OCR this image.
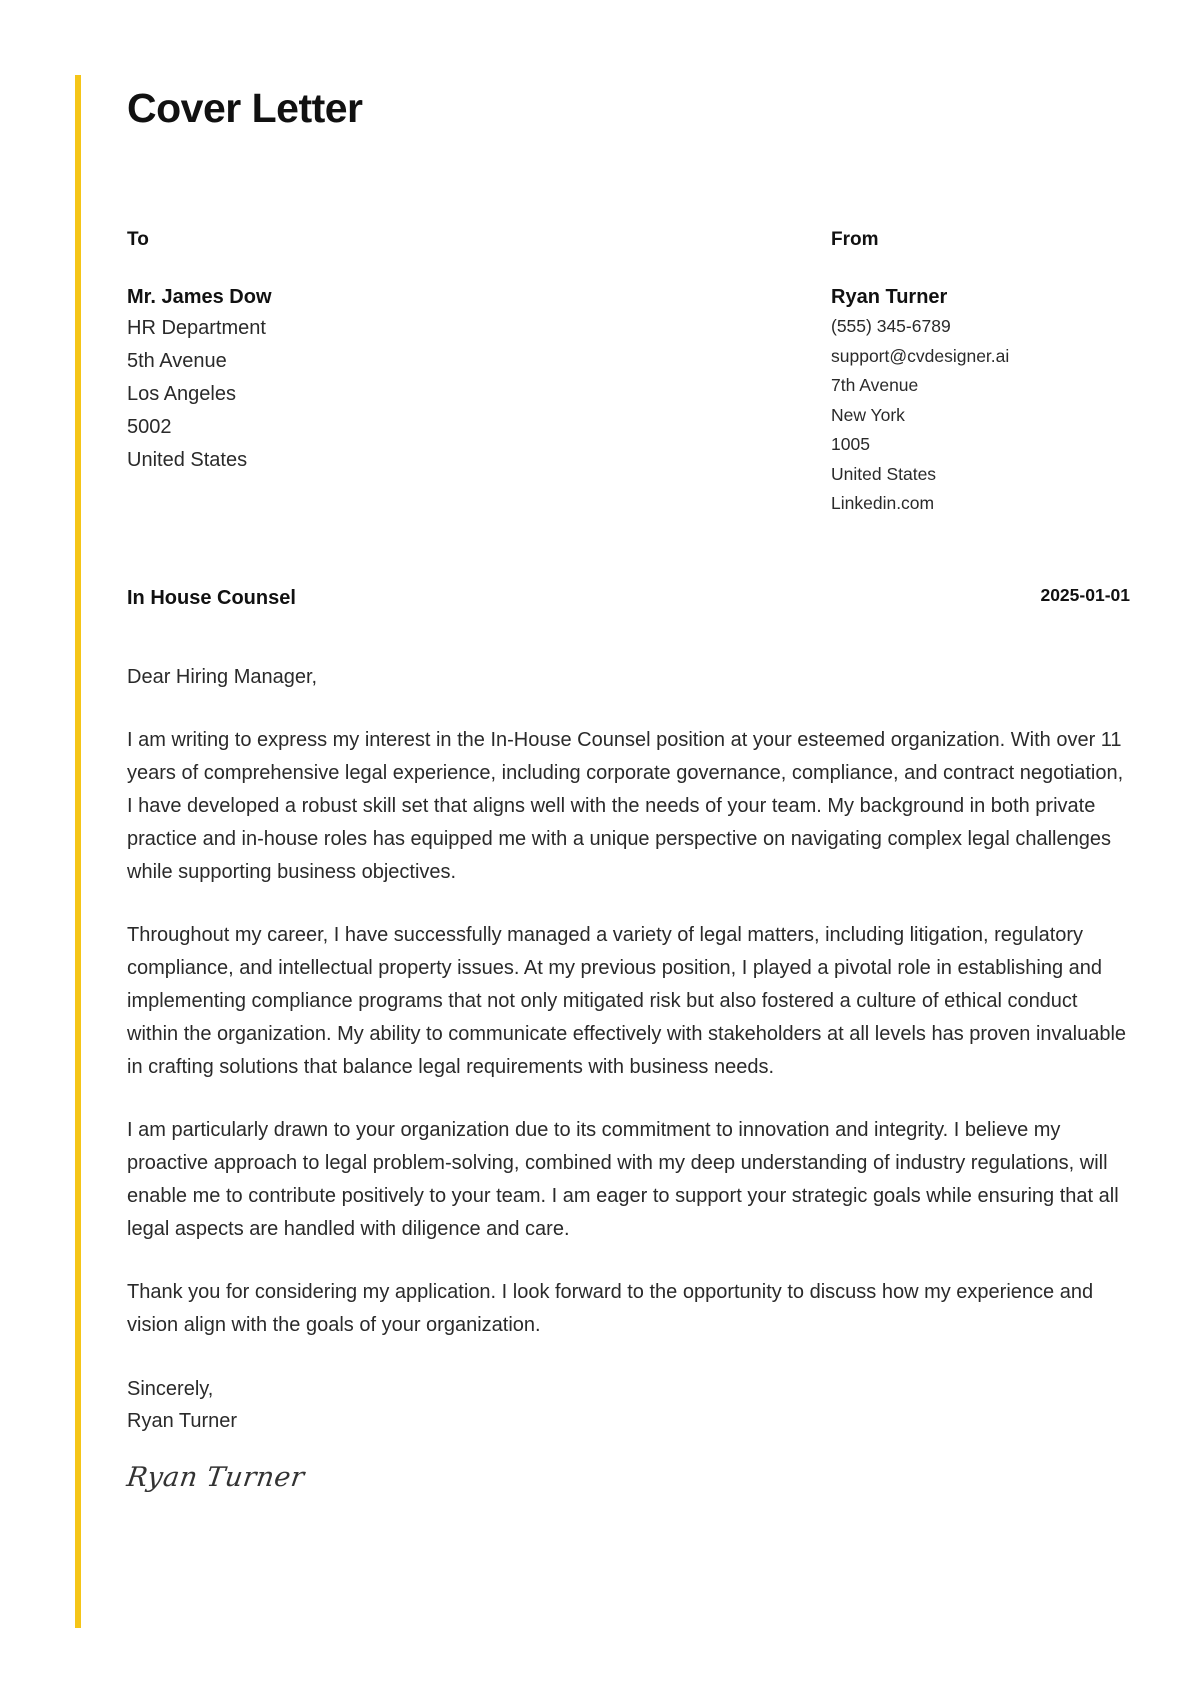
Cover Letter
To
Mr. James Dow
HR Department
5th Avenue
Los Angeles
5002
United States
From
Ryan Turner
(555) 345-6789
support@cvdesigner.ai
7th Avenue
New York
1005
United States
Linkedin.com
In House Counsel	2025-01-01
Dear Hiring Manager,

I am writing to express my interest in the In-House Counsel position at your esteemed organization. With over 11 years of comprehensive legal experience, including corporate governance, compliance, and contract negotiation, I have developed a robust skill set that aligns well with the needs of your team. My background in both private practice and in-house roles has equipped me with a unique perspective on navigating complex legal challenges while supporting business objectives.

Throughout my career, I have successfully managed a variety of legal matters, including litigation, regulatory compliance, and intellectual property issues. At my previous position, I played a pivotal role in establishing and implementing compliance programs that not only mitigated risk but also fostered a culture of ethical conduct within the organization. My ability to communicate effectively with stakeholders at all levels has proven invaluable in crafting solutions that balance legal requirements with business needs.

I am particularly drawn to your organization due to its commitment to innovation and integrity. I believe my proactive approach to legal problem-solving, combined with my deep understanding of industry regulations, will enable me to contribute positively to your team. I am eager to support your strategic goals while ensuring that all legal aspects are handled with diligence and care.

Thank you for considering my application. I look forward to the opportunity to discuss how my experience and vision align with the goals of your organization.

Sincerely,
Ryan Turner
Ryan Turner
